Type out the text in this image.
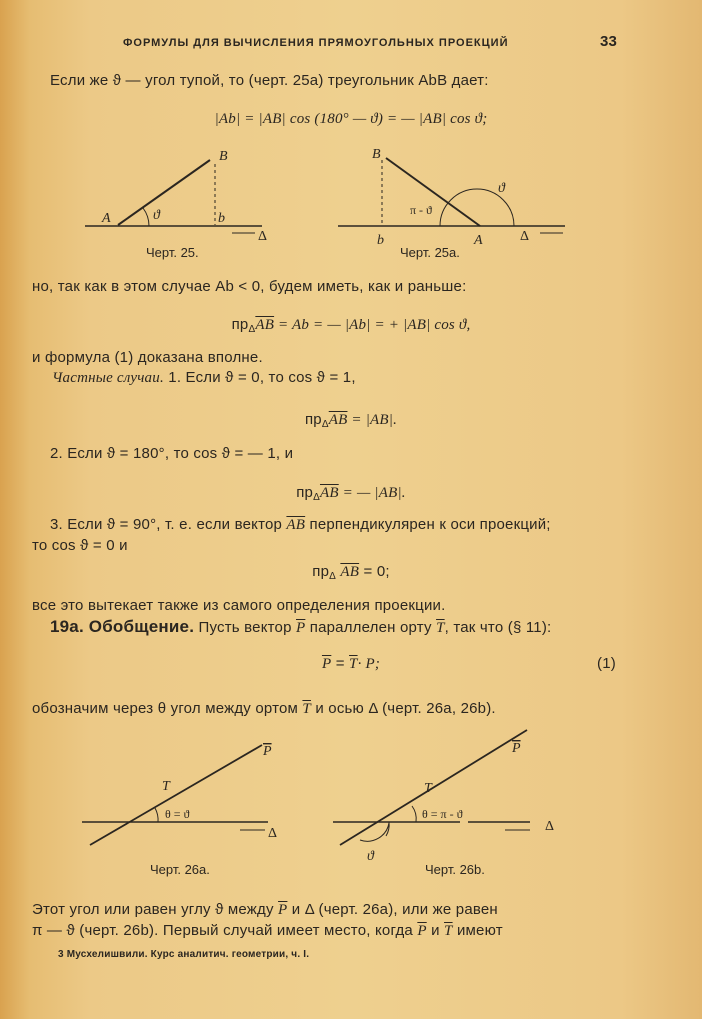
ФОРМУЛЫ ДЛЯ ВЫЧИСЛЕНИЯ ПРЯМОУГОЛЬНЫХ ПРОЕКЦИЙ	33
Если же ϑ — угол тупой, то (черт. 25а) треугольник AbB дает:
|Ab| = |AB| cos (180° — ϑ) = — |AB| cos ϑ;
A
B
b
ϑ
Δ
B
b	A
ϑ
π - ϑ
Δ
P
T
θ = ϑ
Δ
P
T
θ = π - ϑ
ϑ
Δ
Черт. 25.	Черт. 25а.
но, так как в этом случае Ab < 0, будем иметь, как и раньше:
$пр_\Delta\overline{AB} = Ab$ = — |Ab| = + |AB| cos ϑ,
и формула (1) доказана вполне.
Частные случаи. 1. Если ϑ = 0, то cos ϑ = 1,
$пр_\Delta\overline{AB} = |AB|$.
2. Если ϑ = 180°, то cos ϑ = — 1, и
$пр_\Delta\overline{AB}$ = — |AB|.
3. Если ϑ = 90°, т. е. если вектор $\overline{AB}$ перпендикулярен к оси проекций;
то cos ϑ = 0 и
$пр_\Delta$ $\overline{AB} = 0$;
все это вытекает также из самого определения проекции.
19а. Обобщение. Пусть вектор $\overline{P}$ параллелен орту $\overline{T}$, так что (§ 11):
$\overline{P} = \overline{T}\cdot P$;	(1)
обозначим через θ угол между ортом $\overline{T}$ и осью Δ (черт. 26а, 26b).
Черт. 26а.	Черт. 26b.
Этот угол или равен углу ϑ между $\overline{P}$ и Δ (черт. 26а), или же равен
π — ϑ (черт. 26b). Первый случай имеет место, когда $\overline{P}$ и $\overline{T}$ имеют
3 Мусхелишвили. Курс аналитич. геометрии, ч. I.
